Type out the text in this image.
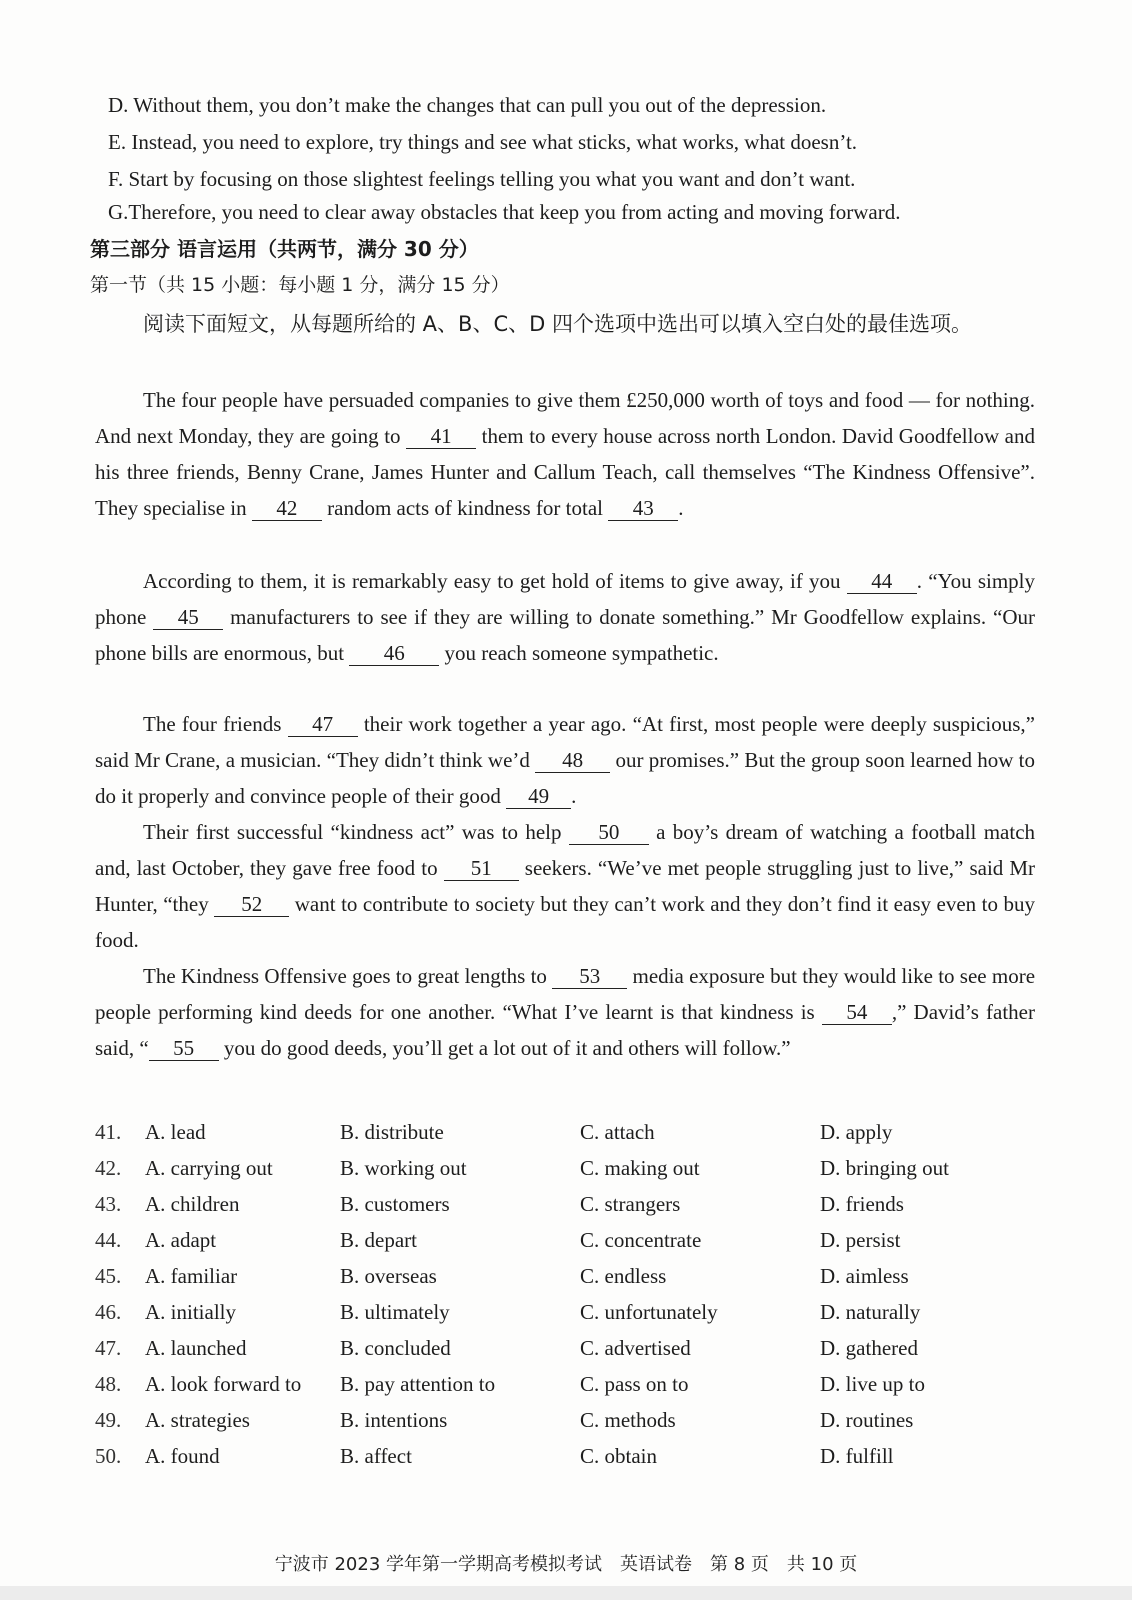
D. Without them, you don’t make the changes that can pull you out of the depression.
E. Instead, you need to explore, try things and see what sticks, what works, what doesn’t.
F. Start by focusing on those slightest feelings telling you what you want and don’t want.
G.Therefore, you need to clear away obstacles that keep you from acting and moving forward.
第三部分 语言运用（共两节，满分 30 分）
第一节（共 15 小题：每小题 1 分，满分 15 分）
阅读下面短文，从每题所给的 A、B、C、D 四个选项中选出可以填入空白处的最佳选项。
The four people have persuaded companies to give them £250,000 worth of toys and food — for nothing. And next Monday, they are going to 41 them to every house across north London. David Goodfellow and his three friends, Benny Crane, James Hunter and Callum Teach, call themselves “The Kindness Offensive”. They specialise in 42 random acts of kindness for total 43 .
According to them, it is remarkably easy to get hold of items to give away, if you 44 . “You simply phone 45 manufacturers to see if they are willing to donate something.” Mr Goodfellow explains. “Our phone bills are enormous, but 46 you reach someone sympathetic.
The four friends 47 their work together a year ago. “At first, most people were deeply suspicious,” said Mr Crane, a musician. “They didn’t think we’d 48 our promises.” But the group soon learned how to do it properly and convince people of their good 49 .
Their first successful “kindness act” was to help 50 a boy’s dream of watching a football match and, last October, they gave free food to 51 seekers. “We’ve met people struggling just to live,” said Mr Hunter, “they 52 want to contribute to society but they can’t work and they don’t find it easy even to buy food.
The Kindness Offensive goes to great lengths to 53 media exposure but they would like to see more people performing kind deeds for one another. “What I’ve learnt is that kindness is 54 ,” David’s father said, “ 55 you do good deeds, you’ll get a lot out of it and others will follow.”
41. A. lead	B. distribute	C. attach	D. apply
42. A. carrying out	B. working out	C. making out	D. bringing out
43. A. children	B. customers	C. strangers	D. friends
44. A. adapt	B. depart	C. concentrate	D. persist
45. A. familiar	B. overseas	C. endless	D. aimless
46. A. initially	B. ultimately	C. unfortunately	D. naturally
47. A. launched	B. concluded	C. advertised	D. gathered
48. A. look forward to B. pay attention to	C. pass on to	D. live up to
49. A. strategies	B. intentions	C. methods	D. routines
50. A. found	B. affect	C. obtain	D. fulfill
宁波市 2023 学年第一学期高考模拟考试　英语试卷　第 8 页　共 10 页
